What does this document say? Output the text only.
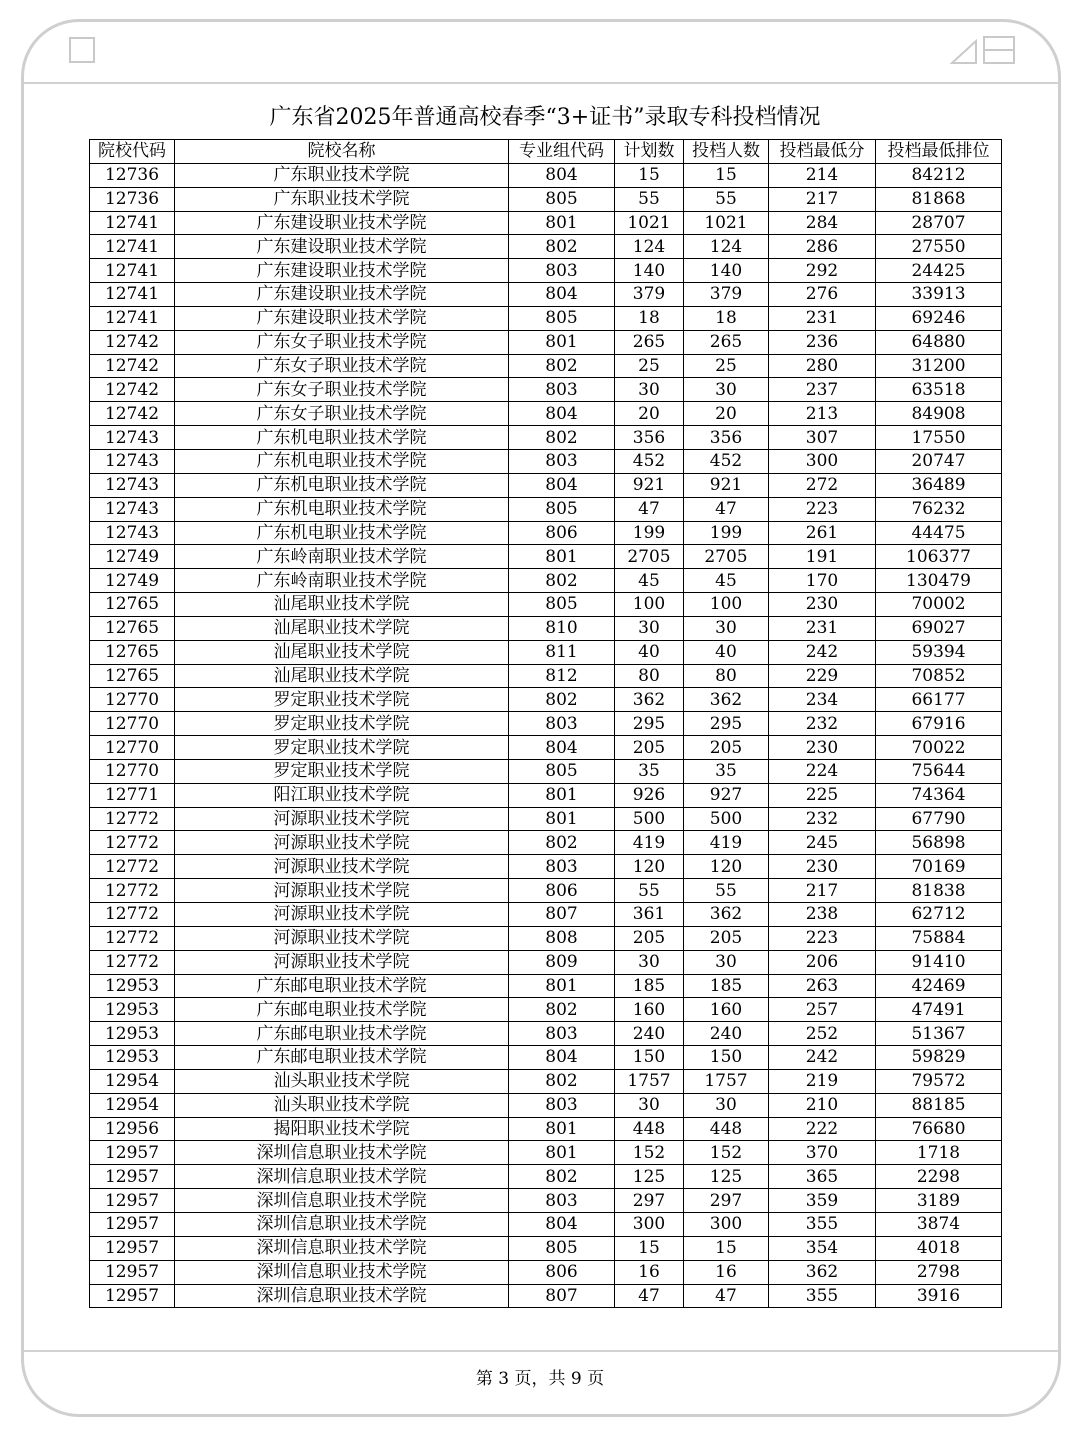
广东省2025年普通高校春季“3+证书”录取专科投档情况
院校代码	院校名称	专业组代码	计划数	投档人数	投档最低分	投档最低排位
12736	广东职业技术学院	804	15	15	214	84212
12736	广东职业技术学院	805	55	55	217	81868
12741	广东建设职业技术学院	801	1021	1021	284	28707
12741	广东建设职业技术学院	802	124	124	286	27550
12741	广东建设职业技术学院	803	140	140	292	24425
12741	广东建设职业技术学院	804	379	379	276	33913
12741	广东建设职业技术学院	805	18	18	231	69246
12742	广东女子职业技术学院	801	265	265	236	64880
12742	广东女子职业技术学院	802	25	25	280	31200
12742	广东女子职业技术学院	803	30	30	237	63518
12742	广东女子职业技术学院	804	20	20	213	84908
12743	广东机电职业技术学院	802	356	356	307	17550
12743	广东机电职业技术学院	803	452	452	300	20747
12743	广东机电职业技术学院	804	921	921	272	36489
12743	广东机电职业技术学院	805	47	47	223	76232
12743	广东机电职业技术学院	806	199	199	261	44475
12749	广东岭南职业技术学院	801	2705	2705	191	106377
12749	广东岭南职业技术学院	802	45	45	170	130479
12765	汕尾职业技术学院	805	100	100	230	70002
12765	汕尾职业技术学院	810	30	30	231	69027
12765	汕尾职业技术学院	811	40	40	242	59394
12765	汕尾职业技术学院	812	80	80	229	70852
12770	罗定职业技术学院	802	362	362	234	66177
12770	罗定职业技术学院	803	295	295	232	67916
12770	罗定职业技术学院	804	205	205	230	70022
12770	罗定职业技术学院	805	35	35	224	75644
12771	阳江职业技术学院	801	926	927	225	74364
12772	河源职业技术学院	801	500	500	232	67790
12772	河源职业技术学院	802	419	419	245	56898
12772	河源职业技术学院	803	120	120	230	70169
12772	河源职业技术学院	806	55	55	217	81838
12772	河源职业技术学院	807	361	362	238	62712
12772	河源职业技术学院	808	205	205	223	75884
12772	河源职业技术学院	809	30	30	206	91410
12953	广东邮电职业技术学院	801	185	185	263	42469
12953	广东邮电职业技术学院	802	160	160	257	47491
12953	广东邮电职业技术学院	803	240	240	252	51367
12953	广东邮电职业技术学院	804	150	150	242	59829
12954	汕头职业技术学院	802	1757	1757	219	79572
12954	汕头职业技术学院	803	30	30	210	88185
12956	揭阳职业技术学院	801	448	448	222	76680
12957	深圳信息职业技术学院	801	152	152	370	1718
12957	深圳信息职业技术学院	802	125	125	365	2298
12957	深圳信息职业技术学院	803	297	297	359	3189
12957	深圳信息职业技术学院	804	300	300	355	3874
12957	深圳信息职业技术学院	805	15	15	354	4018
12957	深圳信息职业技术学院	806	16	16	362	2798
12957	深圳信息职业技术学院	807	47	47	355	3916
第 3 页，共 9 页
